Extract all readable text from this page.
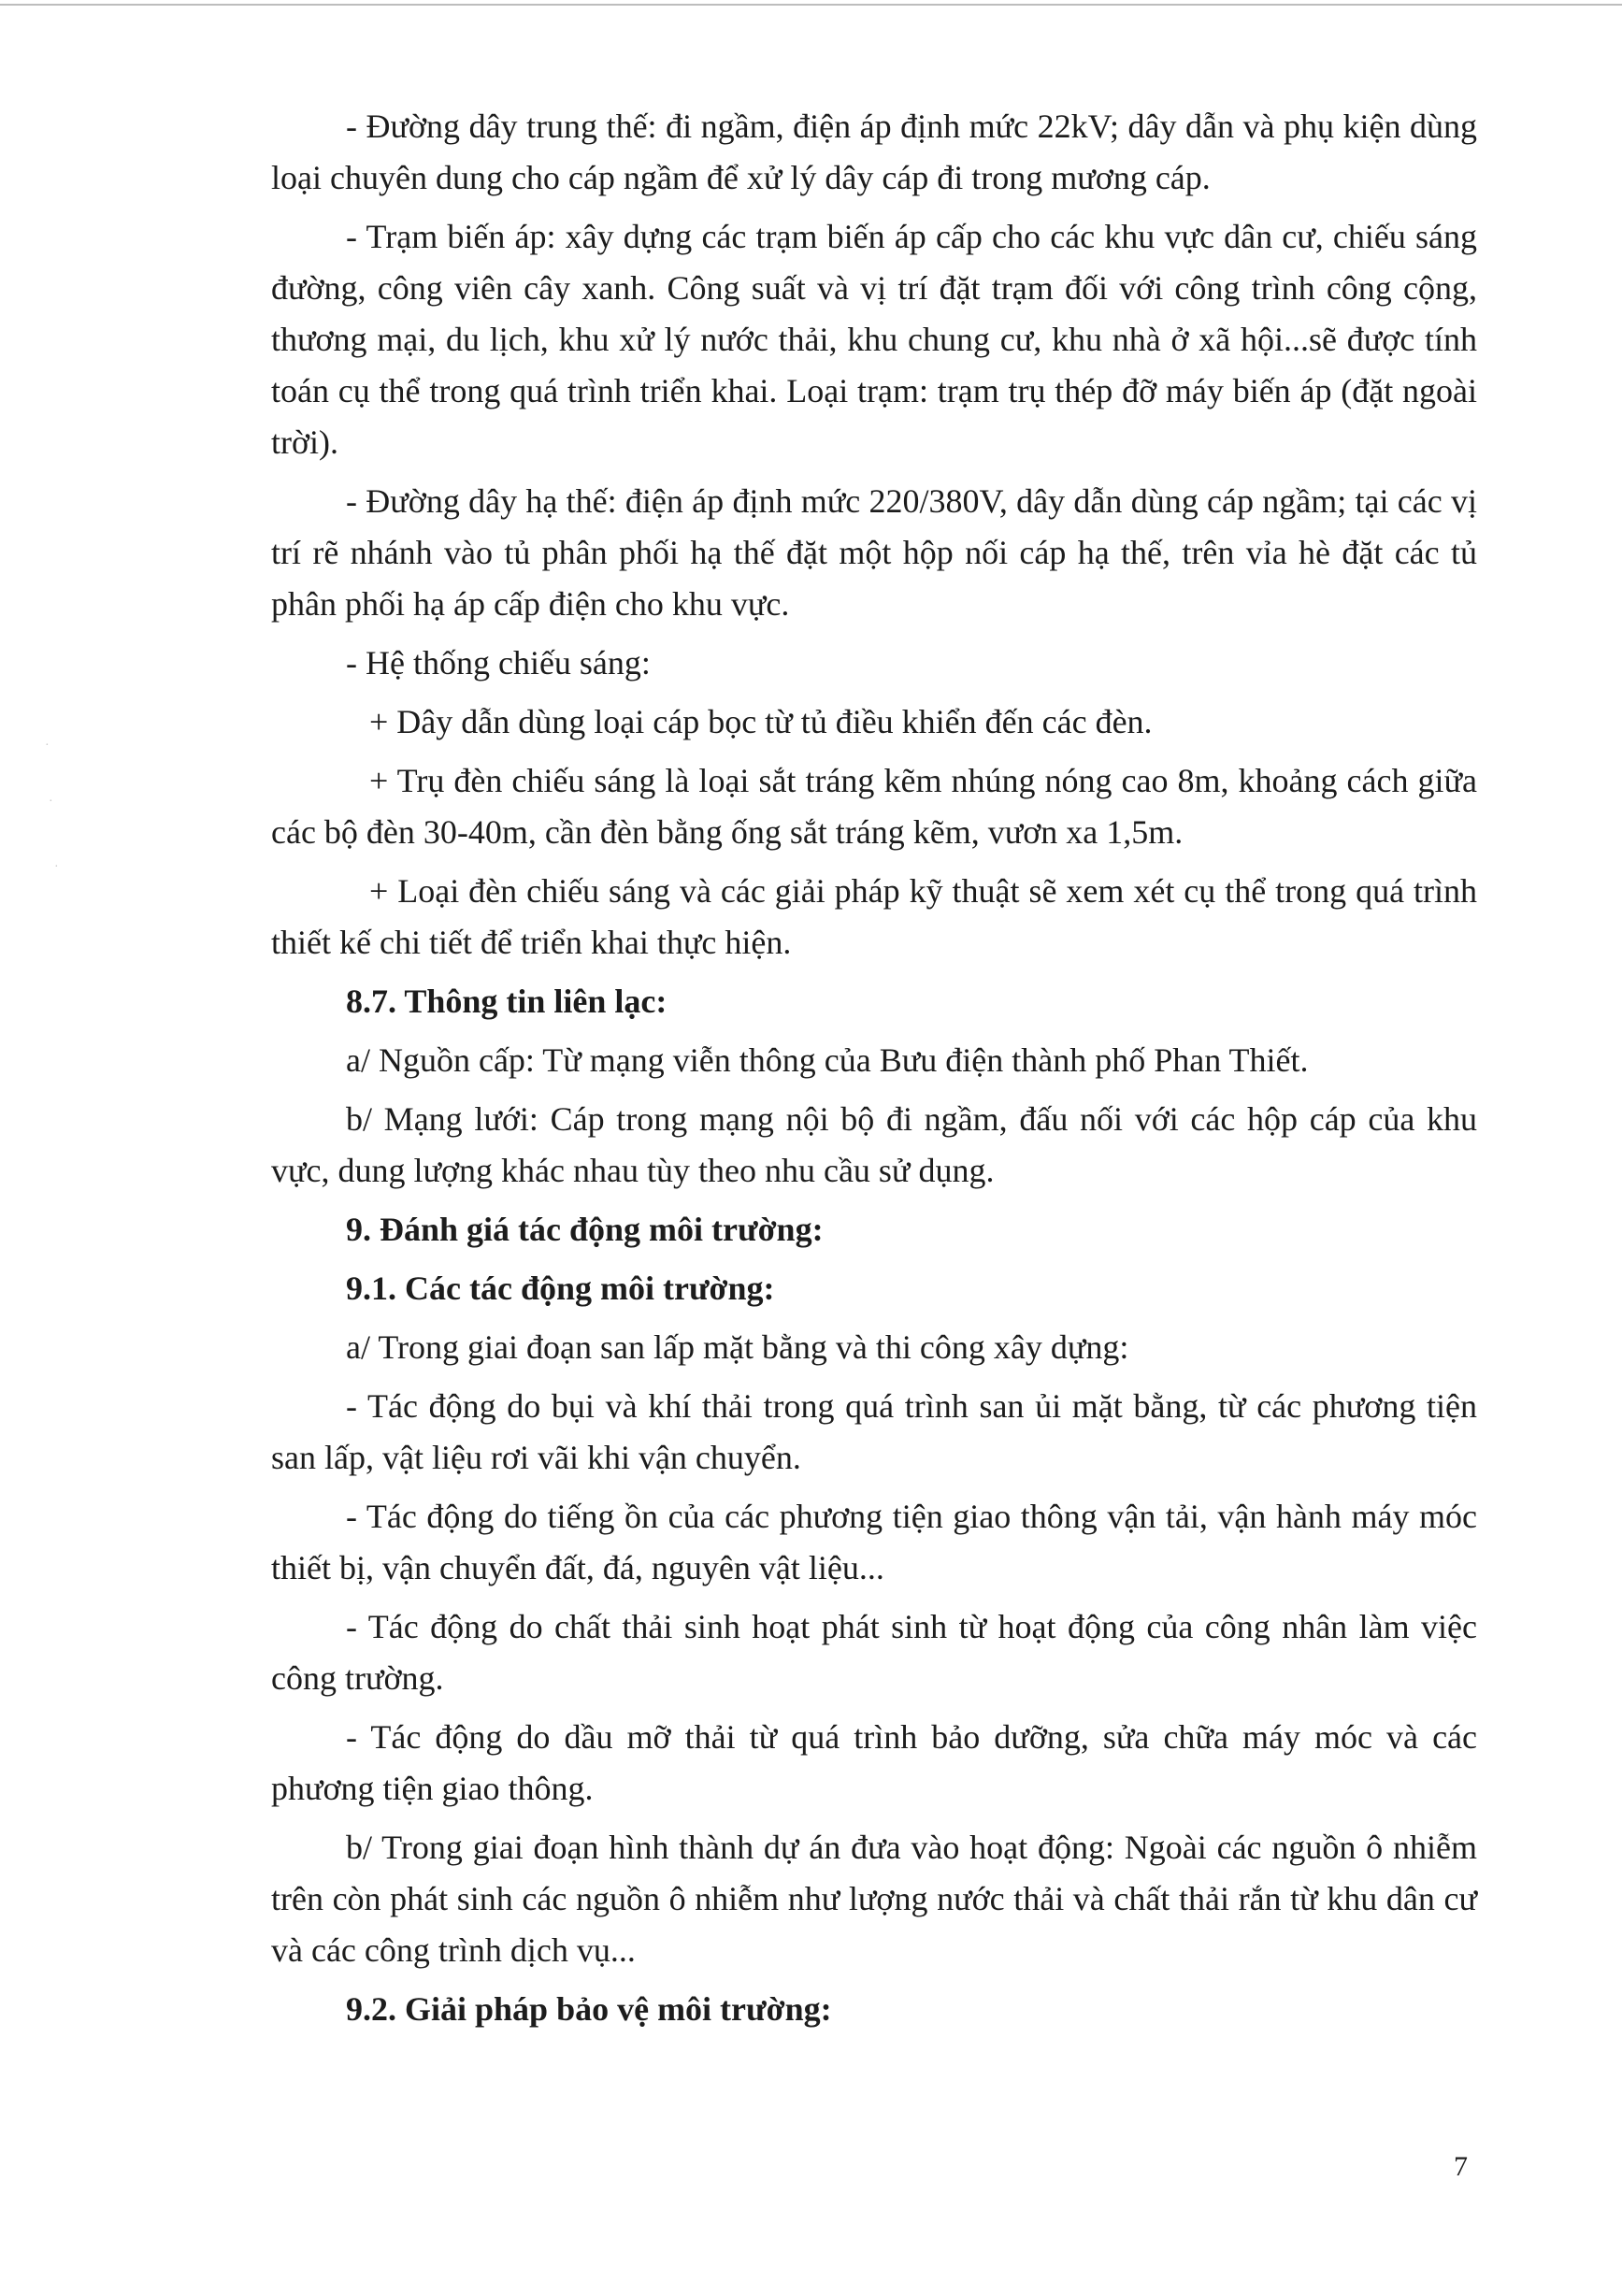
·
·
·

- Đường dây trung thế: đi ngầm, điện áp định mức 22kV; dây dẫn và phụ kiện dùng loại chuyên dung cho cáp ngầm để xử lý dây cáp đi trong mương cáp.

- Trạm biến áp: xây dựng các trạm biến áp cấp cho các khu vực dân cư, chiếu sáng đường, công viên cây xanh. Công suất và vị trí đặt trạm đối với công trình công cộng, thương mại, du lịch, khu xử lý nước thải, khu chung cư, khu nhà ở xã hội...sẽ được tính toán cụ thể trong quá trình triển khai. Loại trạm: trạm trụ thép đỡ máy biến áp (đặt ngoài trời).

- Đường dây hạ thế: điện áp định mức 220/380V, dây dẫn dùng cáp ngầm; tại các vị trí rẽ nhánh vào tủ phân phối hạ thế đặt một hộp nối cáp hạ thế, trên vỉa hè đặt các tủ phân phối hạ áp cấp điện cho khu vực.

- Hệ thống chiếu sáng:

+ Dây dẫn dùng loại cáp bọc từ tủ điều khiển đến các đèn.

+ Trụ đèn chiếu sáng là loại sắt tráng kẽm nhúng nóng cao 8m, khoảng cách giữa các bộ đèn 30-40m, cần đèn bằng ống sắt tráng kẽm, vươn xa 1,5m.

+ Loại đèn chiếu sáng và các giải pháp kỹ thuật sẽ xem xét cụ thể trong quá trình thiết kế chi tiết để triển khai thực hiện.

8.7. Thông tin liên lạc:

a/ Nguồn cấp: Từ mạng viễn thông của Bưu điện thành phố Phan Thiết.

b/ Mạng lưới: Cáp trong mạng nội bộ đi ngầm, đấu nối với các hộp cáp của khu vực, dung lượng khác nhau tùy theo nhu cầu sử dụng.

9. Đánh giá tác động môi trường:

9.1. Các tác động môi trường:

a/ Trong giai đoạn san lấp mặt bằng và thi công xây dựng:

- Tác động do bụi và khí thải trong quá trình san ủi mặt bằng, từ các phương tiện san lấp, vật liệu rơi vãi khi vận chuyển.

- Tác động do tiếng ồn của các phương tiện giao thông vận tải, vận hành máy móc thiết bị, vận chuyển đất, đá, nguyên vật liệu...

- Tác động do chất thải sinh hoạt phát sinh từ hoạt động của công nhân làm việc công trường.

- Tác động do dầu mỡ thải từ quá trình bảo dưỡng, sửa chữa máy móc và các phương tiện giao thông.

b/ Trong giai đoạn hình thành dự án đưa vào hoạt động: Ngoài các nguồn ô nhiễm trên còn phát sinh các nguồn ô nhiễm như lượng nước thải và chất thải rắn từ khu dân cư và các công trình dịch vụ...

9.2. Giải pháp bảo vệ môi trường:

7
